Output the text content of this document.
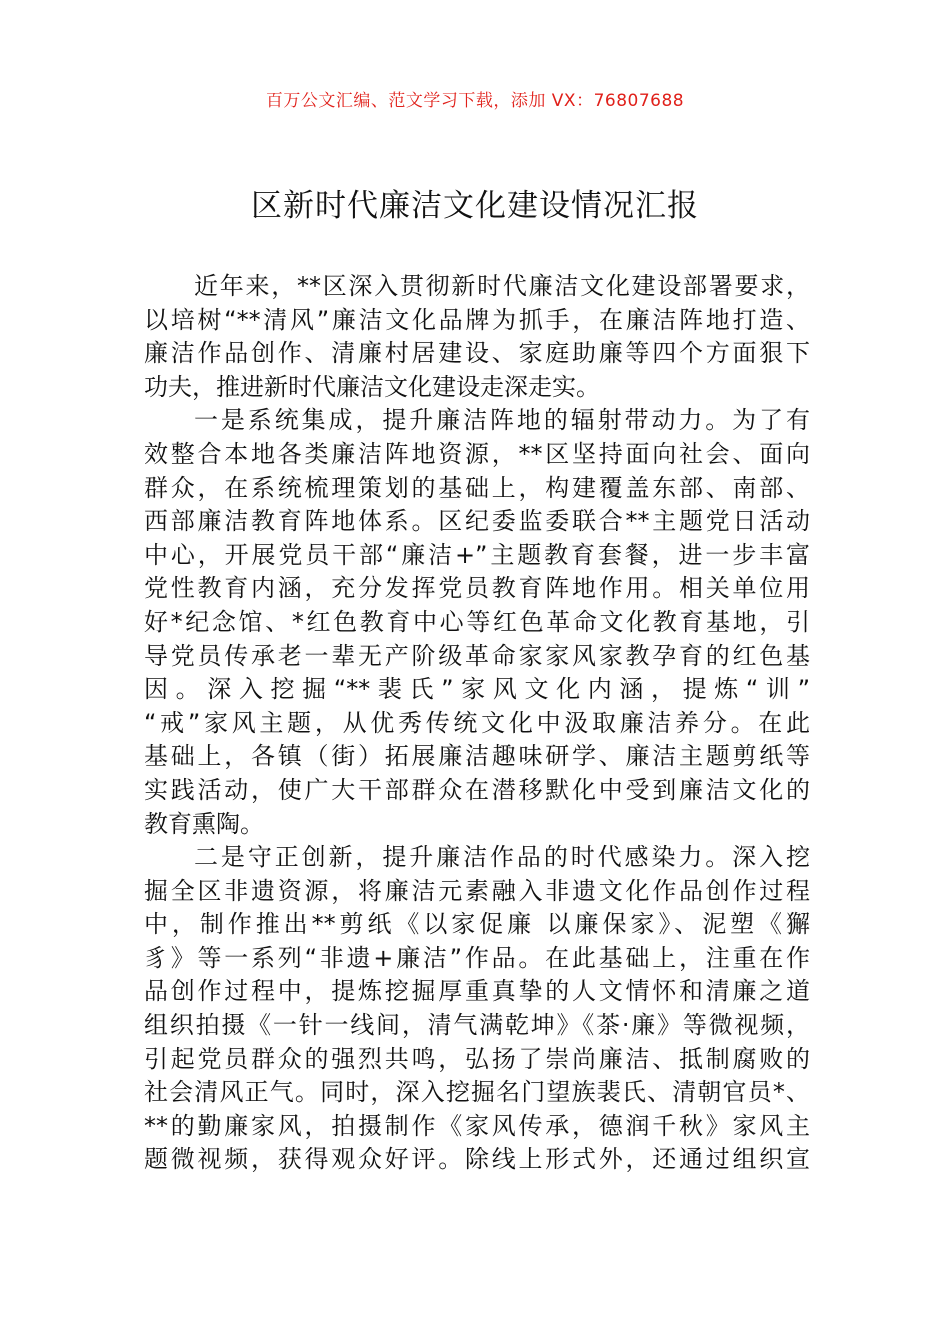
百万公文汇编、范文学习下载，添加 VX：76807688
区新时代廉洁文化建设情况汇报
近年来，**区深入贯彻新时代廉洁文化建设部署要求，
以培树“**清风”廉洁文化品牌为抓手，在廉洁阵地打造、
廉洁作品创作、清廉村居建设、家庭助廉等四个方面狠下
功夫，推进新时代廉洁文化建设走深走实。
一是系统集成，提升廉洁阵地的辐射带动力。为了有
效整合本地各类廉洁阵地资源，**区坚持面向社会、面向
群众，在系统梳理策划的基础上，构建覆盖东部、南部、
西部廉洁教育阵地体系。区纪委监委联合**主题党日活动
中心，开展党员干部“廉洁+”主题教育套餐，进一步丰富
党性教育内涵，充分发挥党员教育阵地作用。相关单位用
好*纪念馆、*红色教育中心等红色革命文化教育基地，引
导党员传承老一辈无产阶级革命家家风家教孕育的红色基
因。深入挖掘“**裴氏”家风文化内涵，提炼“训”
“戒”家风主题，从优秀传统文化中汲取廉洁养分。在此
基础上，各镇（街）拓展廉洁趣味研学、廉洁主题剪纸等
实践活动，使广大干部群众在潜移默化中受到廉洁文化的
教育熏陶。
二是守正创新，提升廉洁作品的时代感染力。深入挖
掘全区非遗资源，将廉洁元素融入非遗文化作品创作过程
中，制作推出**剪纸《以家促廉 以廉保家》、泥塑《獬
豸》等一系列“非遗+廉洁”作品。在此基础上，注重在作
品创作过程中，提炼挖掘厚重真挚的人文情怀和清廉之道
组织拍摄《一针一线间，清气满乾坤》《茶·廉》等微视频，
引起党员群众的强烈共鸣，弘扬了崇尚廉洁、抵制腐败的
社会清风正气。同时，深入挖掘名门望族裴氏、清朝官员*、
**的勤廉家风，拍摄制作《家风传承，德润千秋》家风主
题微视频，获得观众好评。除线上形式外，还通过组织宣
